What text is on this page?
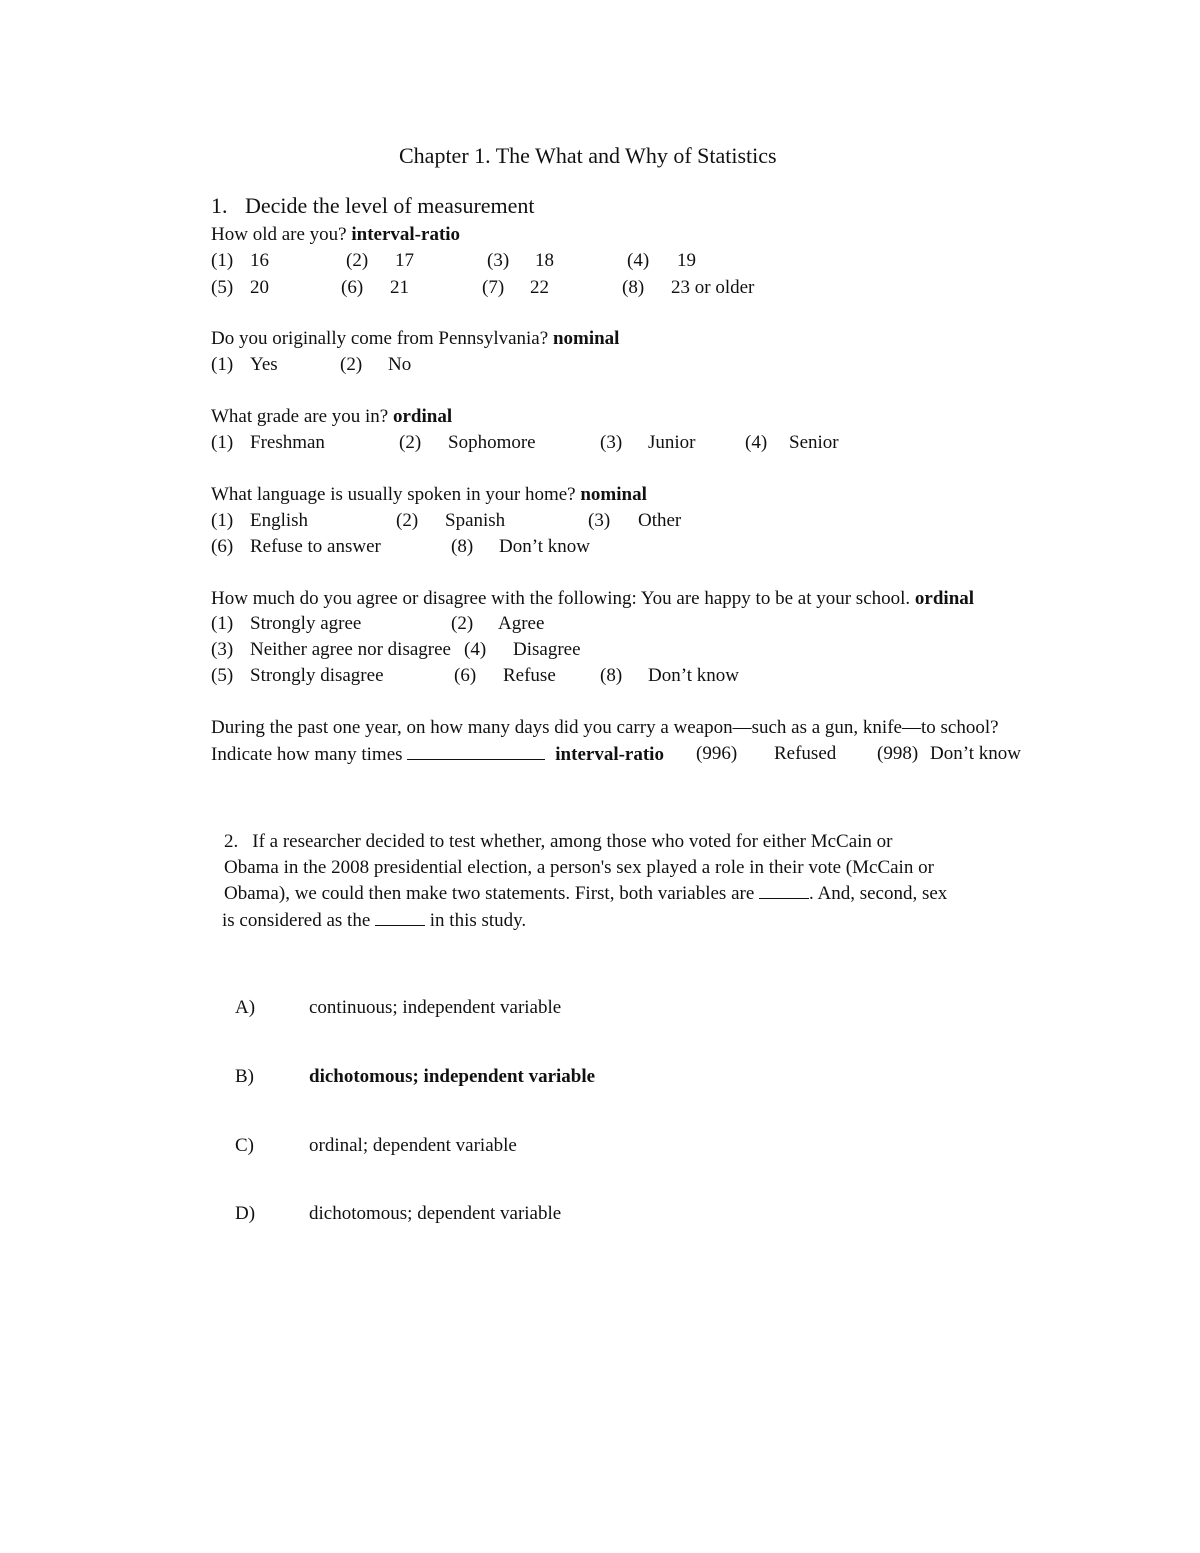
Chapter 1. The What and Why of Statistics
1. Decide the level of measurement
How old are you? interval-ratio
(1) 16	(2) 17	(3) 18	(4) 19
(5) 20	(6) 21	(7) 22	(8) 23 or older
Do you originally come from Pennsylvania? nominal
(1) Yes	(2) No
What grade are you in? ordinal
(1) Freshman	(2) Sophomore	(3) Junior	(4) Senior
What language is usually spoken in your home? nominal
(1) English	(2) Spanish	(3) Other
(6) Refuse to answer	(8) Don’t know
How much do you agree or disagree with the following: You are happy to be at your school. ordinal
(1) Strongly agree	(2) Agree
(3) Neither agree nor disagree (4) Disagree
(5) Strongly disagree	(6) Refuse (8) Don’t know
During the past one year, on how many days did you carry a weapon—such as a gun, knife—to school?
Indicate how many times	interval-ratio (996) Refused (998) Don’t know
2. If a researcher decided to test whether, among those who voted for either McCain or
Obama in the 2008 presidential election, a person's sex played a role in their vote (McCain or
Obama), we could then make two statements. First, both variables are	. And, second, sex
is considered as the	in this study.
A)	continuous; independent variable
B)	dichotomous; independent variable
C)	ordinal; dependent variable
D)	dichotomous; dependent variable
